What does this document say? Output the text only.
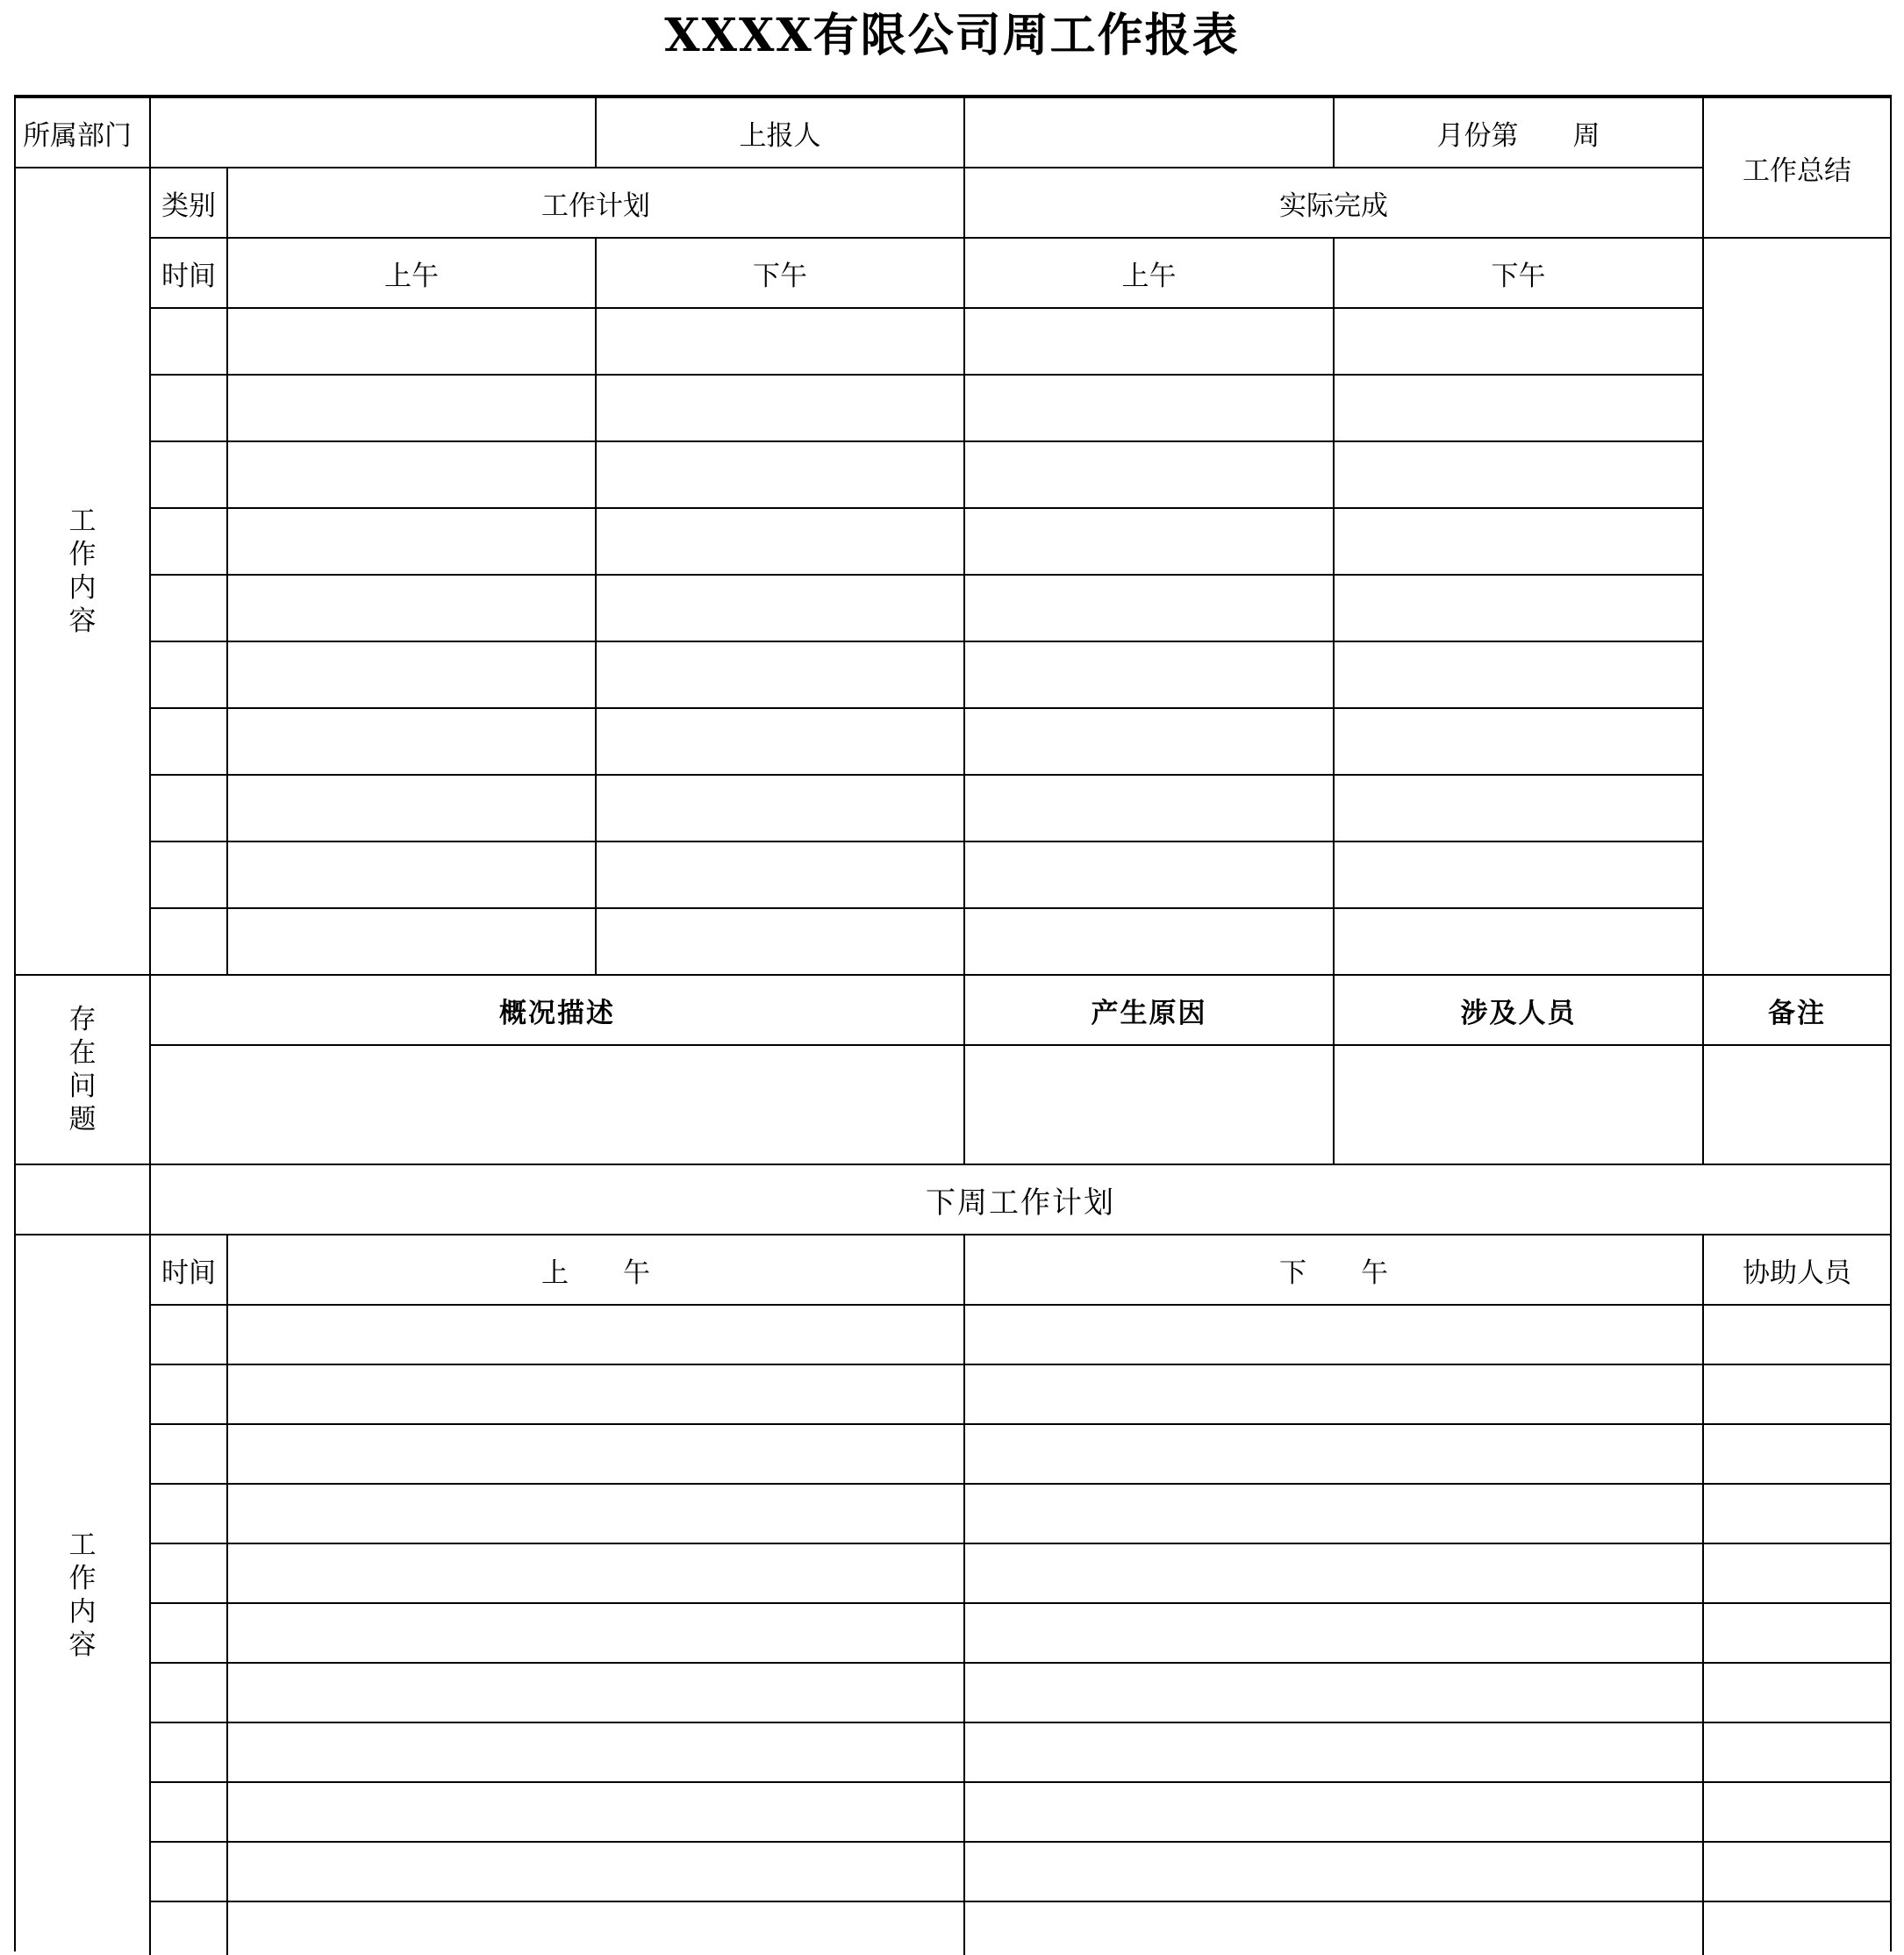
XXXX有限公司周工作报表
所属部门	上报人	月份第　　周
工作总结
工
作
内
容
类别	工作计划	实际完成
时间	上午	下午	上午	下午
存
在
问
题
概况描述	产生原因	涉及人员	备注
下周工作计划
工
作
内
容
时间	上　　午	下　　午	协助人员
